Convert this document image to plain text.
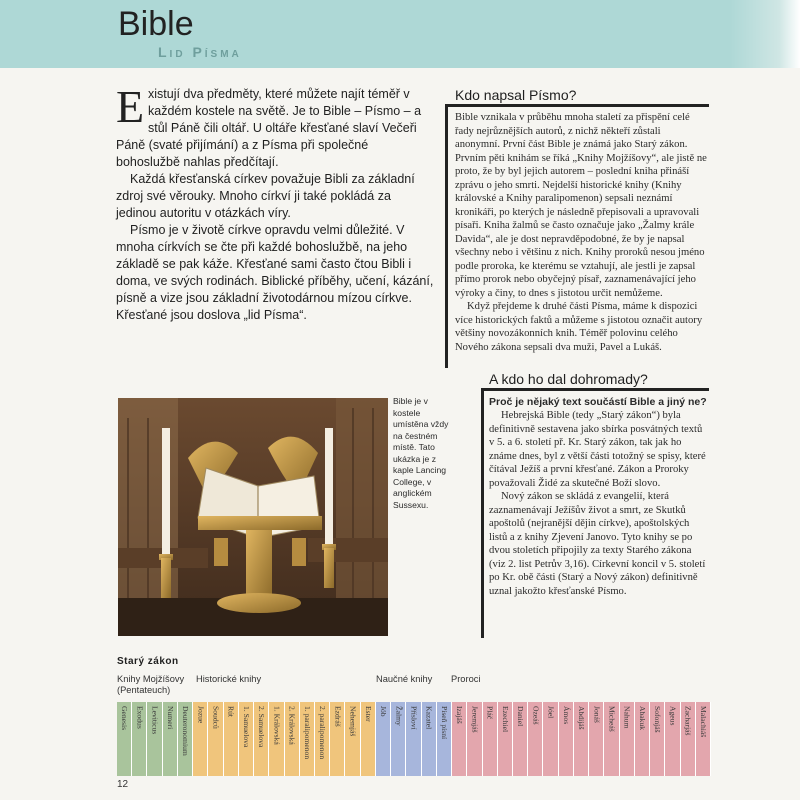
Bible
Lid Písma
E xistují dva předměty, které můžete najít téměř v každém kostele na světě. Je to Bible – Písmo – a stůl Páně čili oltář. U oltáře křesťané slaví Večeři Páně (svaté přijímání) a z Písma při společné bohoslužbě nahlas předčítají.

Každá křesťanská církev považuje Bibli za základní zdroj své věrouky. Mnoho církví ji také pokládá za jedinou autoritu v otázkách víry.

Písmo je v životě církve opravdu velmi důležité. V mnoha církvích se čte při každé bohoslužbě, na jeho základě se pak káže. Křesťané sami často čtou Bibli i doma, ve svých rodinách. Biblické příběhy, učení, kázání, písně a vize jsou základní životodárnou mízou církve. Křesťané jsou doslova „lid Písma“.

Kdo napsal Písmo?

Bible vznikala v průběhu mnoha staletí za přispění celé řady nejrůznějších autorů, z nichž někteří zůstali anonymní. První část Bible je známá jako Starý zákon. Prvním pěti knihám se říká „Knihy Mojžíšovy“, ale jistě ne proto, že by byl jejich autorem – poslední kniha přináší zprávu o jeho smrti. Nejdelší historické knihy (Knihy královské a Knihy paralipomenon) sepsali neznámí kronikáři, po kterých je následně přepisovali a upravovali písaři. Kniha žalmů se často označuje jako „Žalmy krále Davida“, ale je dost nepravděpodobné, že by je napsal všechny nebo i většinu z nich. Knihy proroků nesou jméno podle proroka, ke kterému se vztahují, ale jestli je zapsal přímo prorok nebo obyčejný písař, zaznamenávající jeho výroky a činy, to dnes s jistotou určit nemůžeme.

Když přejdeme k druhé části Písma, máme k dispozici více historických faktů a můžeme s jistotou označit autory většiny novozákonních knih. Téměř polovinu celého Nového zákona sepsali dva muži, Pavel a Lukáš.

A kdo ho dal dohromady?

Proč je nějaký text součástí Bible a jiný ne?

Hebrejská Bible (tedy „Starý zákon“) byla definitivně sestavena jako sbírka posvátných textů v 5. a 6. století př. Kr. Starý zákon, tak jak ho známe dnes, byl z větší části totožný se spisy, které čítával Ježíš a první křesťané. Zákon a Proroky považovali Židé za skutečné Boží slovo.

Nový zákon se skládá z evangelií, která zaznamenávají Ježíšův život a smrt, ze Skutků apoštolů (nejranější dějin církve), apoštolských listů a z knihy Zjevení Janovo. Tyto knihy se po dvou stoletích připojily za texty Starého zákona (viz 2. list Petrův 3,16). Církevní koncil v 5. století po Kr. obě části (Starý a Nový zákon) definitivně uznal jakožto křesťanské Písmo.

Bible je v kostele umístěna vždy na čestném místě. Tato ukázka je z kaple Lancing College, v anglickém Sussexu.

Starý zákon
Knihy Mojžíšovy (Pentateuch)
Historické knihy	Naučné knihy Proroci
Genesis Exodus Leviticus Numeri Deuteronomium Jozue Soudců Rút 1. Samuelova 2. Samuelova 1. Královská 2. Královská 1. paralipomenon 2. paralipomenon Ezdráš Nehemjáš Ester Jób Žalmy Přísloví Kazatel Píseň písní Izajáš Jeremjáš Pláč Ezechiel Daniel Ozeáš Jóel Ámos Abdijáš Jonáš Micheáš Nahum Abakuk Sofonjáš Ageus Zacharjáš Malachiáš
12
